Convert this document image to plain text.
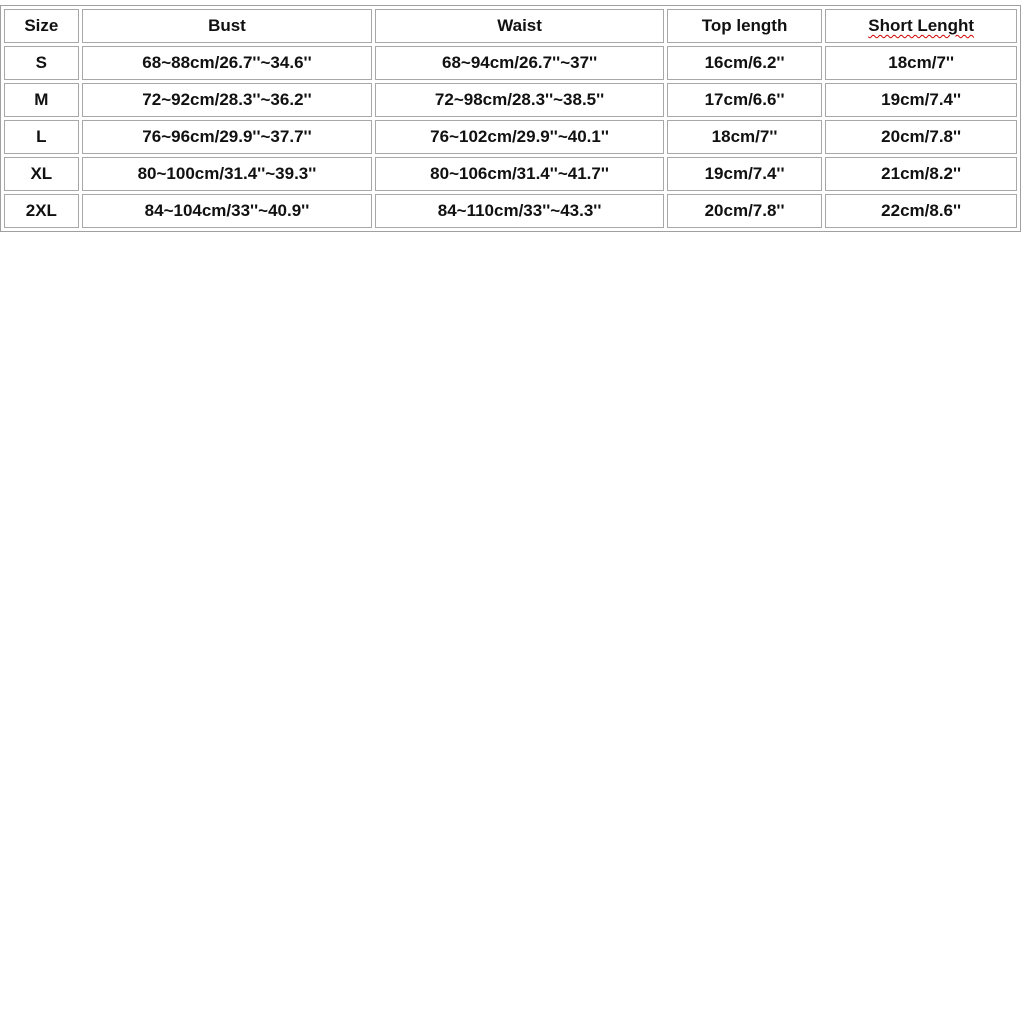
Size	Bust	Waist	Top length	Short Lenght
S	68~88cm/26.7''~34.6''	68~94cm/26.7''~37''	16cm/6.2''	18cm/7''
M	72~92cm/28.3''~36.2''	72~98cm/28.3''~38.5''	17cm/6.6''	19cm/7.4''
L	76~96cm/29.9''~37.7''	76~102cm/29.9''~40.1''	18cm/7''	20cm/7.8''
XL	80~100cm/31.4''~39.3''	80~106cm/31.4''~41.7''	19cm/7.4''	21cm/8.2''
2XL	84~104cm/33''~40.9''	84~110cm/33''~43.3''	20cm/7.8''	22cm/8.6''
